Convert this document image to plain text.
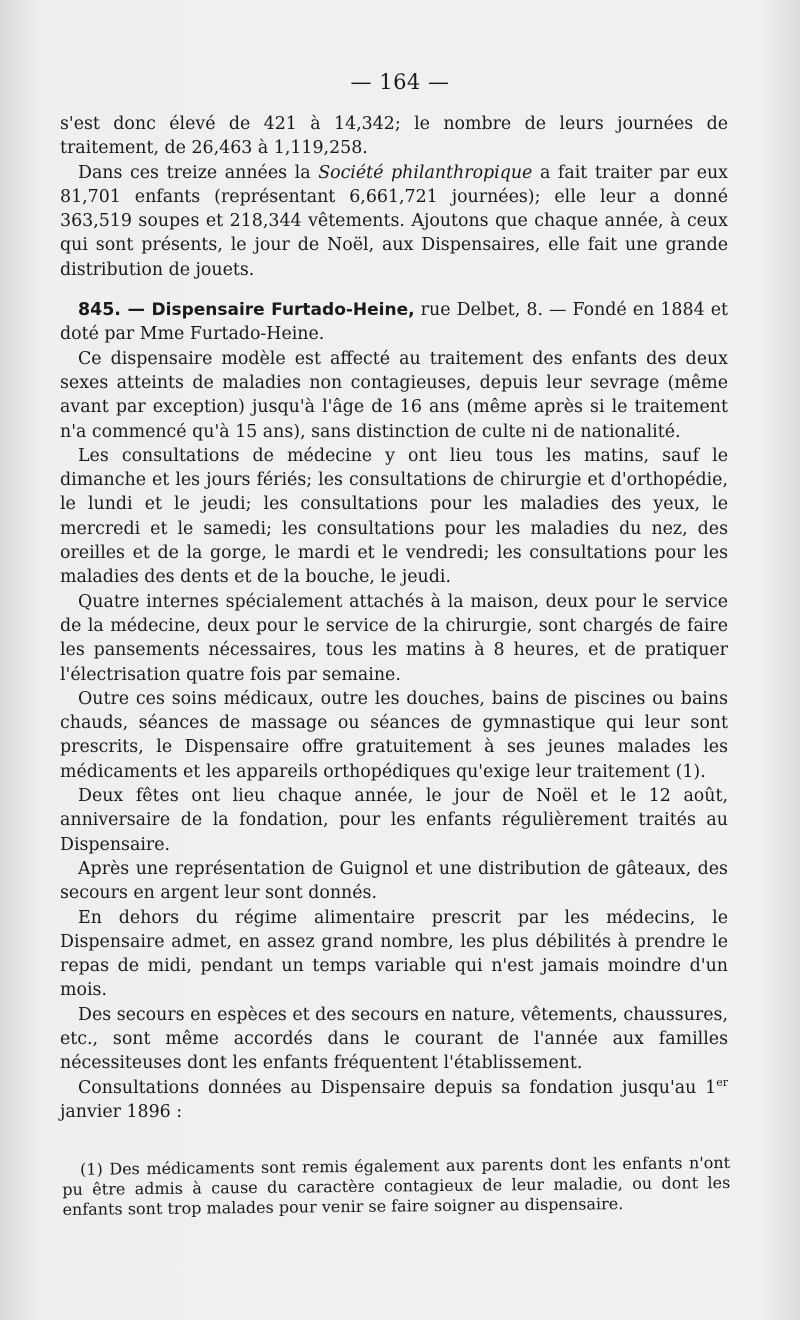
— 164 —

s'est donc élevé de 421 à 14,342; le nombre de leurs journées de traitement, de 26,463 à 1,119,258.

Dans ces treize années la Société philanthropique a fait traiter par eux 81,701 enfants (représentant 6,661,721 journées); elle leur a donné 363,519 soupes et 218,344 vêtements. Ajoutons que chaque année, à ceux qui sont présents, le jour de Noël, aux Dispensaires, elle fait une grande distribution de jouets.

845. — Dispensaire Furtado-Heine, rue Delbet, 8. — Fondé en 1884 et doté par Mme Furtado-Heine.

Ce dispensaire modèle est affecté au traitement des enfants des deux sexes atteints de maladies non contagieuses, depuis leur sevrage (même avant par exception) jusqu'à l'âge de 16 ans (même après si le traitement n'a commencé qu'à 15 ans), sans distinction de culte ni de nationalité.

Les consultations de médecine y ont lieu tous les matins, sauf le dimanche et les jours fériés; les consultations de chirurgie et d'orthopédie, le lundi et le jeudi; les consultations pour les maladies des yeux, le mercredi et le samedi; les consultations pour les maladies du nez, des oreilles et de la gorge, le mardi et le vendredi; les consultations pour les maladies des dents et de la bouche, le jeudi.

Quatre internes spécialement attachés à la maison, deux pour le service de la médecine, deux pour le service de la chirurgie, sont chargés de faire les pansements nécessaires, tous les matins à 8 heures, et de pratiquer l'électrisation quatre fois par semaine.

Outre ces soins médicaux, outre les douches, bains de piscines ou bains chauds, séances de massage ou séances de gymnastique qui leur sont prescrits, le Dispensaire offre gratuitement à ses jeunes malades les médicaments et les appareils orthopédiques qu'exige leur traitement (1).

Deux fêtes ont lieu chaque année, le jour de Noël et le 12 août, anniversaire de la fondation, pour les enfants régulièrement traités au Dispensaire.

Après une représentation de Guignol et une distribution de gâteaux, des secours en argent leur sont donnés.

En dehors du régime alimentaire prescrit par les médecins, le Dispensaire admet, en assez grand nombre, les plus débilités à prendre le repas de midi, pendant un temps variable qui n'est jamais moindre d'un mois.

Des secours en espèces et des secours en nature, vêtements, chaussures, etc., sont même accordés dans le courant de l'année aux familles nécessiteuses dont les enfants fréquentent l'établissement.

Consultations données au Dispensaire depuis sa fondation jusqu'au 1er janvier 1896 :

(1) Des médicaments sont remis également aux parents dont les enfants n'ont pu être admis à cause du caractère contagieux de leur maladie, ou dont les enfants sont trop malades pour venir se faire soigner au dispensaire.
